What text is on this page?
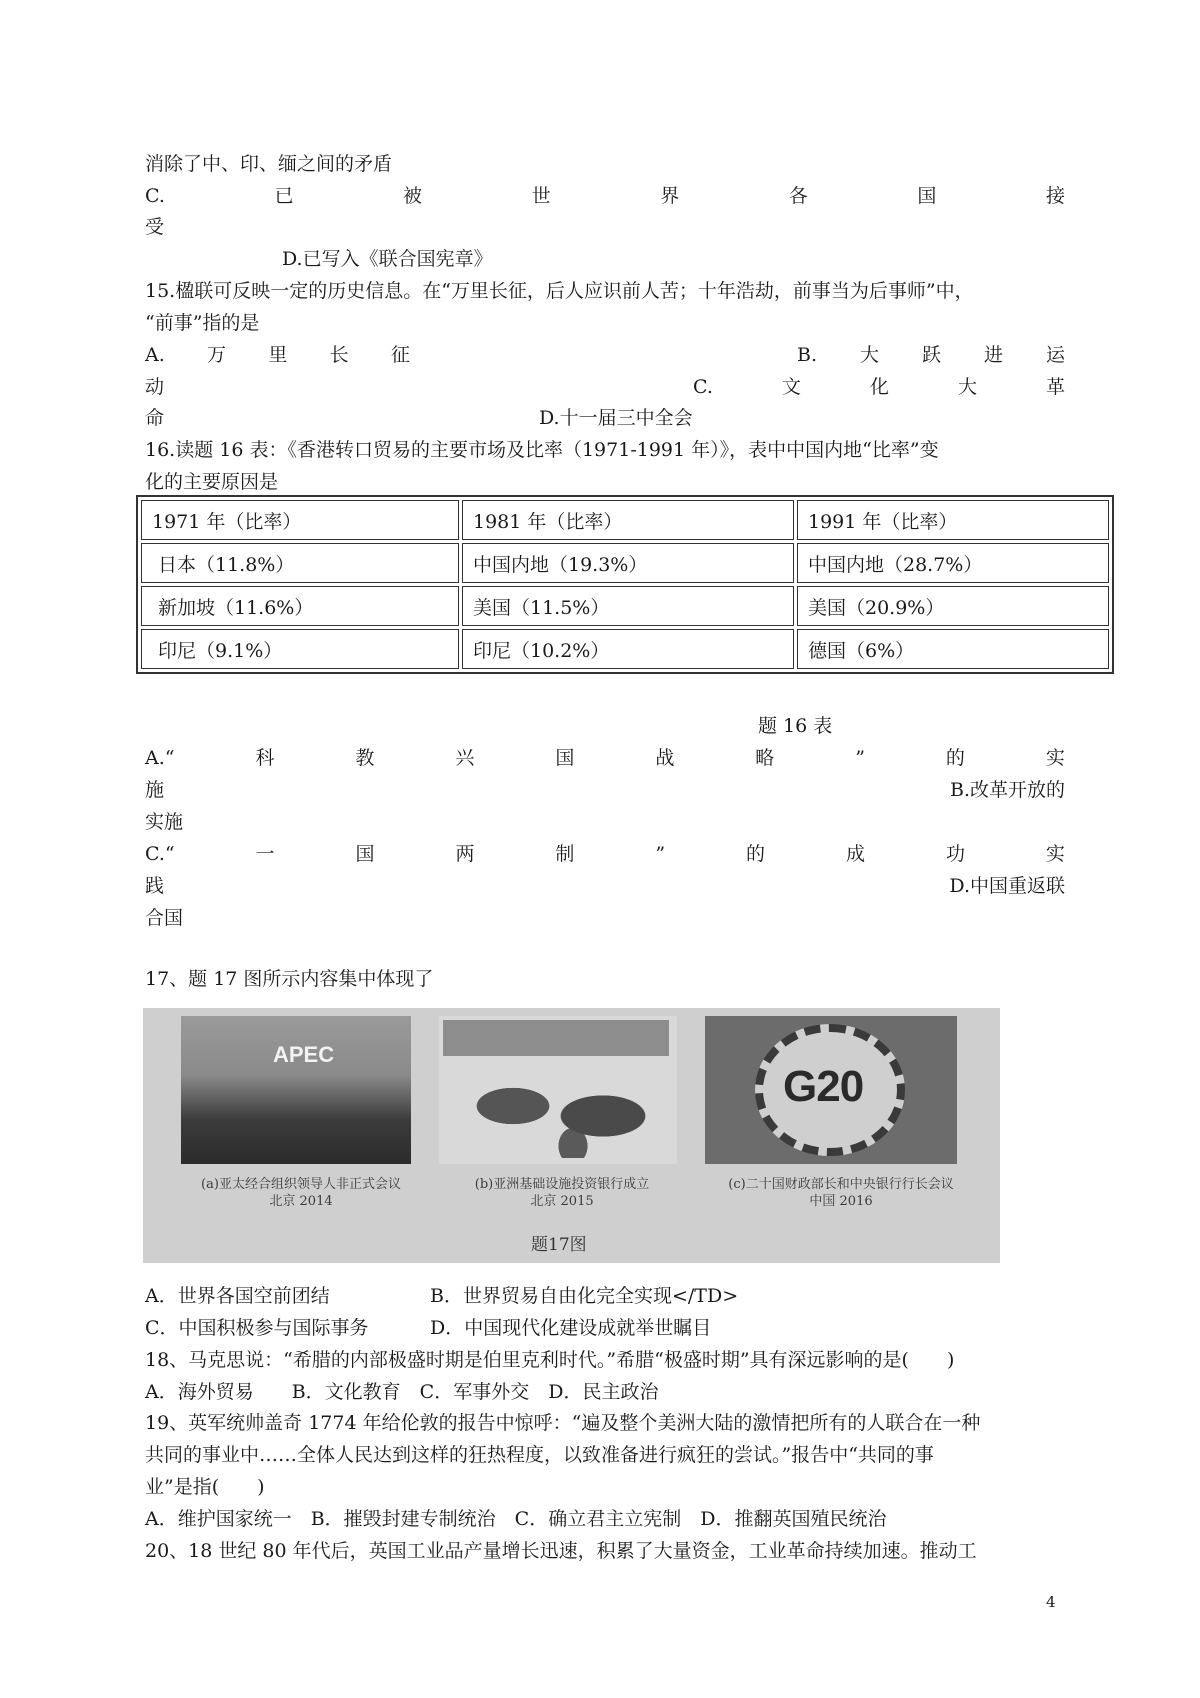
消除了中、印、缅之间的矛盾
C.	已	被	世	界	各	国	接
受
D.已写入《联合国宪章》
15.楹联可反映一定的历史信息。在“万里长征，后人应识前人苦；十年浩劫，前事当为后事师”中，
“前事”指的是
A. 万 里 长 征	B. 大 跃 进 运
动	C.	文	化	大	革
命	D.十一届三中全会
16.读题 16 表：《香港转口贸易的主要市场及比率（1971-1991 年）》，表中中国内地“比率”变
化的主要原因是
1971 年（比率）	1981 年（比率）	1991 年（比率）
日本（11.8%）	中国内地（19.3%）	中国内地（28.7%）
新加坡（11.6%）	美国（11.5%）	美国（20.9%）
印尼（9.1%）	印尼（10.2%）	德国（6%）
题 16 表
A.“	科	教	兴	国	战	略	”	的	实
施	B.改革开放的
实施
C.“	一	国	两	制	”	的	成	功	实
践	D.中国重返联
合国
17、题 17 图所示内容集中体现了
APEC
G20
(a)亚太经合组织领导人非正式会议
北京 2014
(b)亚洲基础设施投资银行成立
北京 2015
(c)二十国财政部长和中央银行行长会议
中国 2016
题17图
A．世界各国空前团结	B．世界贸易自由化完全实现</TD>
C．中国积极参与国际事务	D．中国现代化建设成就举世瞩目
18、马克思说：“希腊的内部极盛时期是伯里克利时代。”希腊“极盛时期”具有深远影响的是(　　)
A．海外贸易　　B．文化教育　C．军事外交　D．民主政治
19、英军统帅盖奇 1774 年给伦敦的报告中惊呼：“遍及整个美洲大陆的激情把所有的人联合在一种
共同的事业中……全体人民达到这样的狂热程度，以致准备进行疯狂的尝试。”报告中“共同的事
业”是指(　　)
A．维护国家统一　B．摧毁封建专制统治　C．确立君主立宪制　D．推翻英国殖民统治
20、18 世纪 80 年代后，英国工业品产量增长迅速，积累了大量资金，工业革命持续加速。推动工
4
